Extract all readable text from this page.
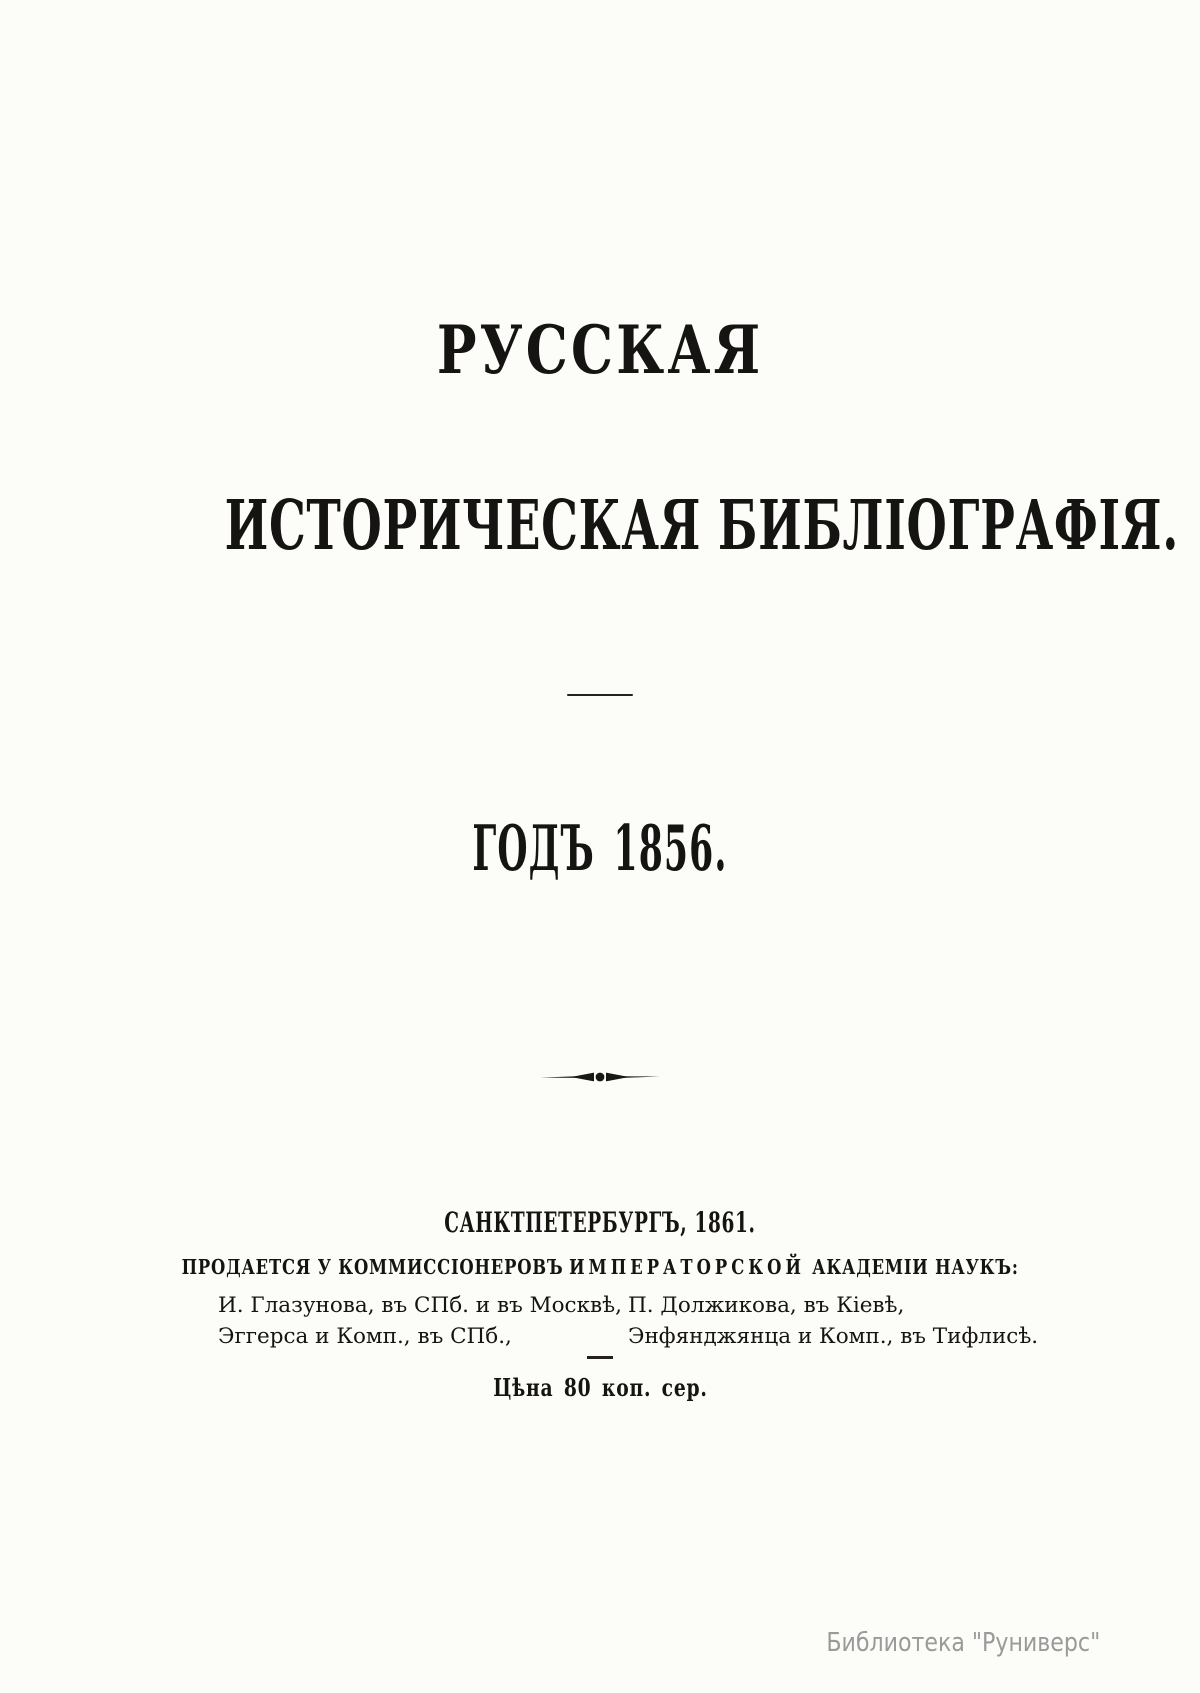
РУССКАЯ
ИСТОРИЧЕСКАЯ БИБЛІОГРАФІЯ.
ГОДЪ 1856.
САНКТПЕТЕРБУРГЪ, 1861.
ПРОДАЕТСЯ У КОММИССІОНЕРОВЪ ИМПЕРАТОРСКОЙ АКАДЕМІИ НАУКЪ:
И. Глазунова, въ СПб. и въ Москвѣ,
Эггерса и Комп., въ СПб.,
П. Должикова, въ Кіевѣ,
Энфянджянца и Комп., въ Тифлисѣ.
Цѣна 80 коп. сер.
Библиотека "Руниверс"
